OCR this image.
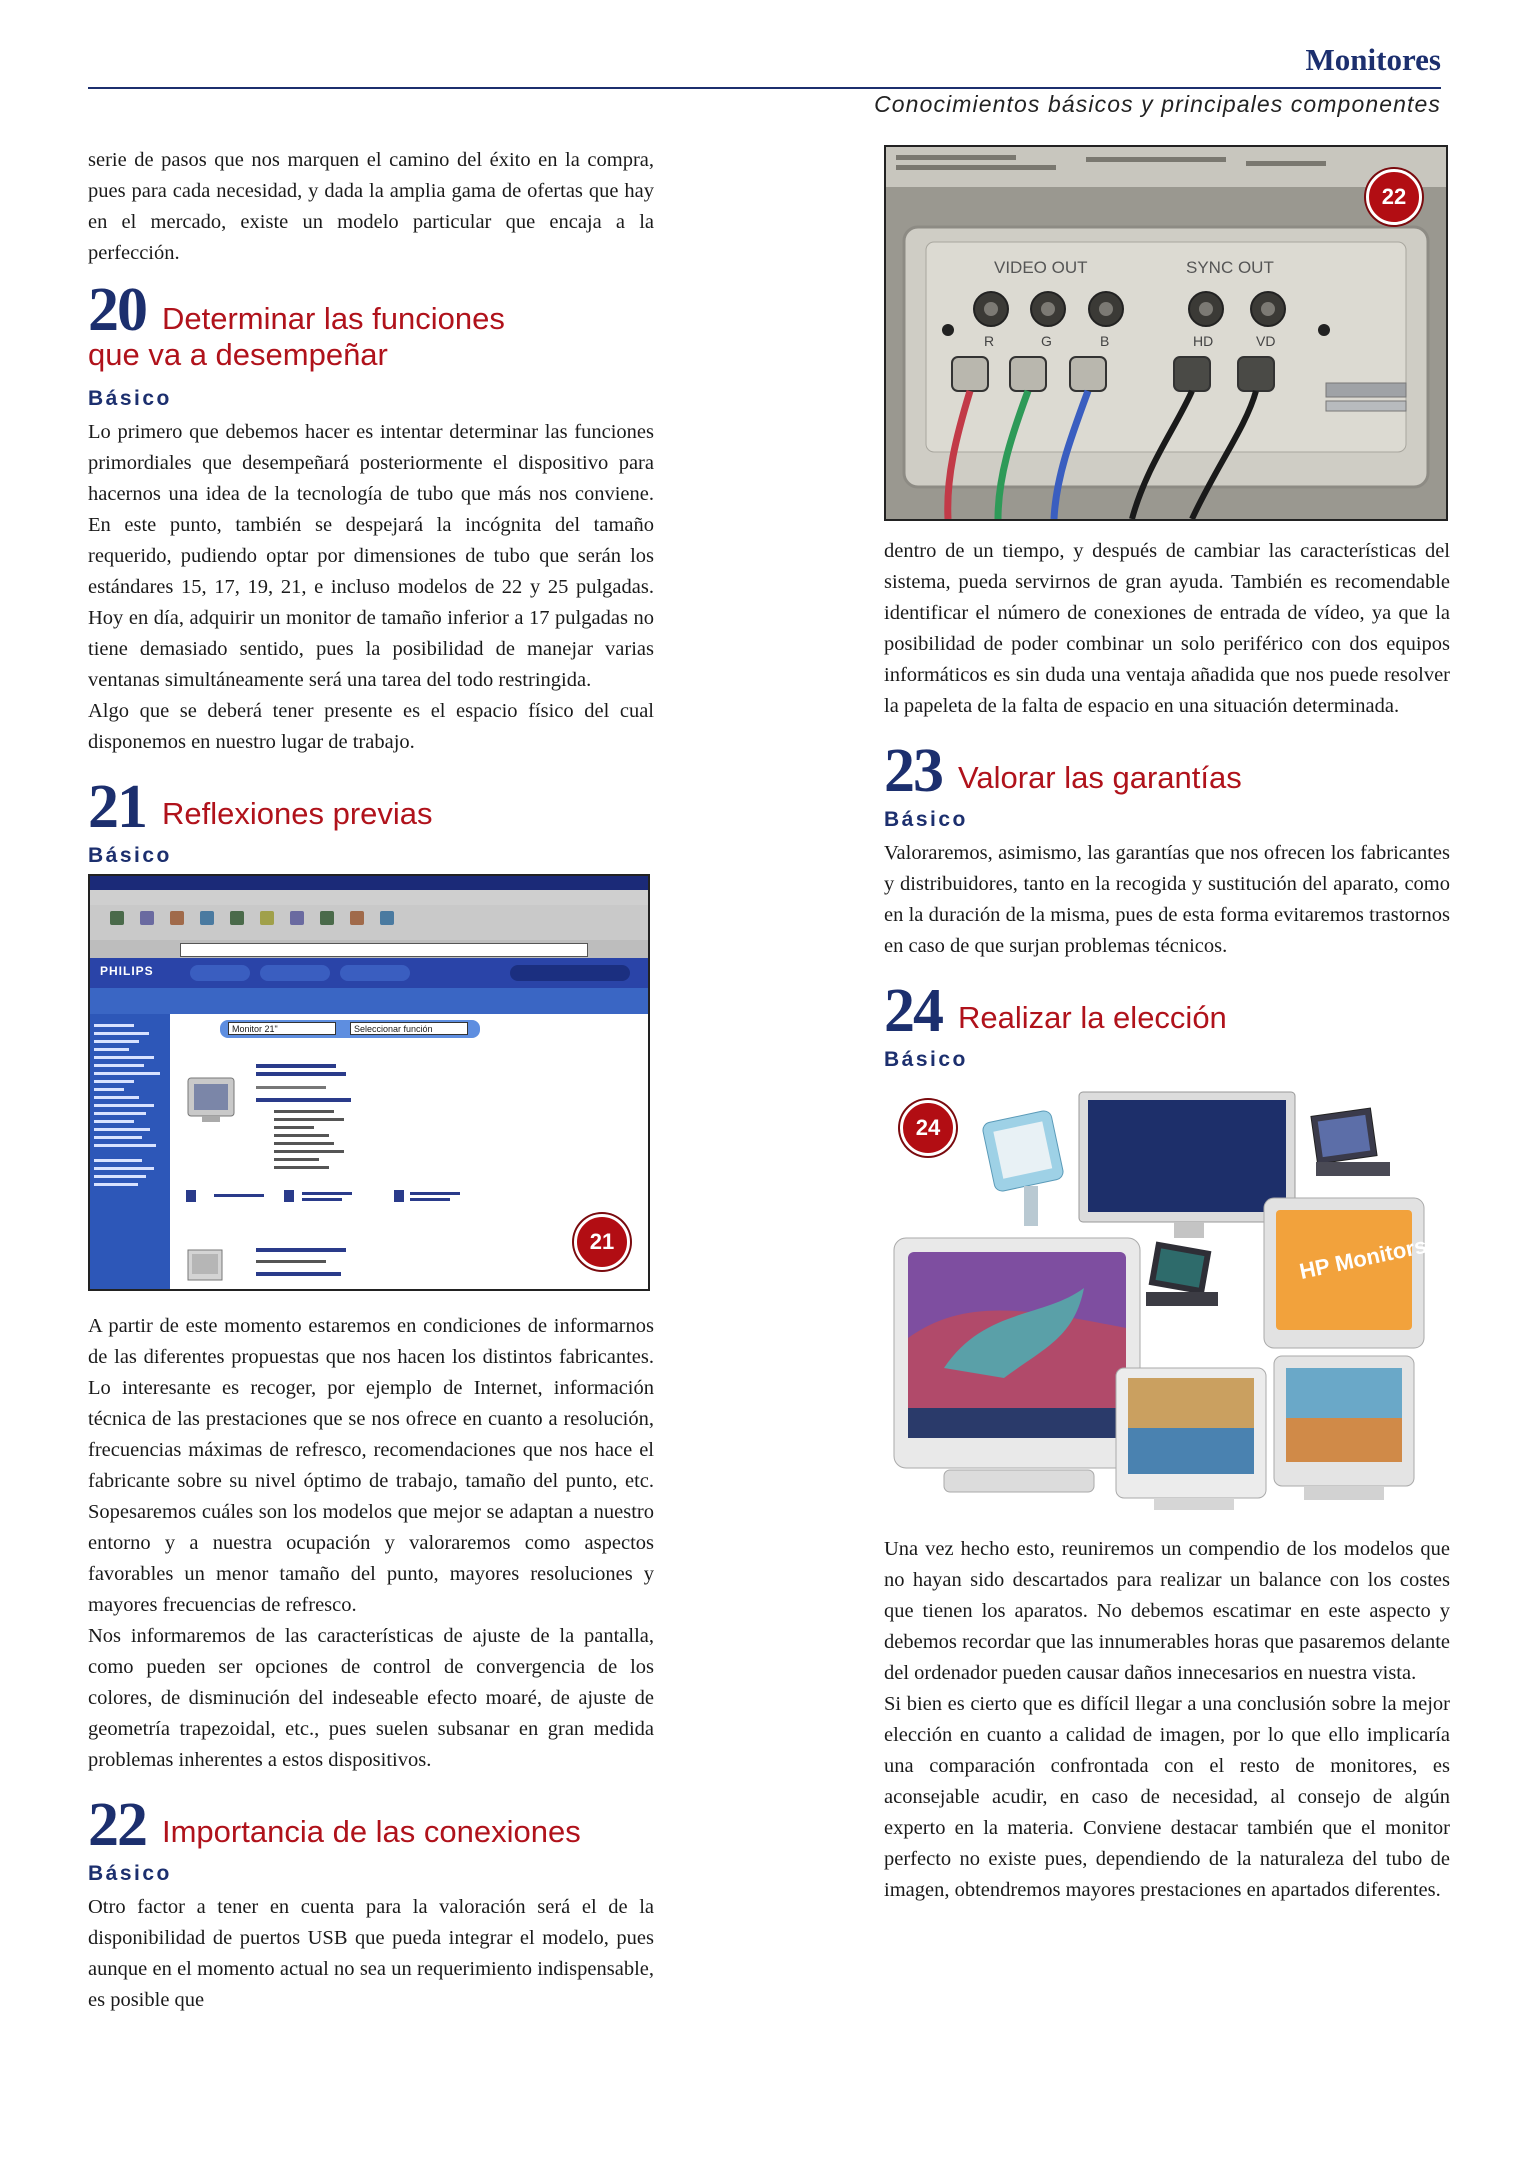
Monitores
Conocimientos básicos y principales componentes

serie de pasos que nos marquen el camino del éxito en la compra, pues para cada necesidad, y dada la amplia gama de ofertas que hay en el mercado, existe un modelo particular que encaja a la perfección.

20 Determinar las funciones
que va a desempeñar
Básico

Lo primero que debemos hacer es intentar determinar las funciones primordiales que desempeñará posteriormente el dispositivo para hacernos una idea de la tecnología de tubo que más nos conviene. En este punto, también se despejará la incógnita del tamaño requerido, pudiendo optar por dimensiones de tubo que serán los estándares 15, 17, 19, 21, e incluso modelos de 22 y 25 pulgadas. Hoy en día, adquirir un monitor de tamaño inferior a 17 pulgadas no tiene demasiado sentido, pues la posibilidad de manejar varias ventanas simultáneamente será una tarea del todo restringida.

Algo que se deberá tener presente es el espacio físico del cual disponemos en nuestro lugar de trabajo.

21 Reflexiones previas
Básico
PHILIPS
Monitor 21"	Seleccionar función
21

A partir de este momento estaremos en condiciones de informarnos de las diferentes propuestas que nos hacen los distintos fabricantes. Lo interesante es recoger, por ejemplo de Internet, información técnica de las prestaciones que se nos ofrece en cuanto a resolución, frecuencias máximas de refresco, recomendaciones que nos hace el fabricante sobre su nivel óptimo de trabajo, tamaño del punto, etc. Sopesaremos cuáles son los modelos que mejor se adaptan a nuestro entorno y a nuestra ocupación y valoraremos como aspectos favorables un menor tamaño del punto, mayores resoluciones y mayores frecuencias de refresco.

Nos informaremos de las características de ajuste de la pantalla, como pueden ser opciones de control de convergencia de los colores, de disminución del indeseable efecto moaré, de ajuste de geometría trapezoidal, etc., pues suelen subsanar en gran medida problemas inherentes a estos dispositivos.

22 Importancia de las conexiones
Básico

Otro factor a tener en cuenta para la valoración será el de la disponibilidad de puertos USB que pueda integrar el modelo, pues aunque en el momento actual no sea un requerimiento indispensable, es posible que

VIDEO OUT	SYNC OUT
R	G	B	HD	VD
22

dentro de un tiempo, y después de cambiar las características del sistema, pueda servirnos de gran ayuda. También es recomendable identificar el número de conexiones de entrada de vídeo, ya que la posibilidad de poder combinar un solo periférico con dos equipos informáticos es sin duda una ventaja añadida que nos puede resolver la papeleta de la falta de espacio en una situación determinada.

23 Valorar las garantías
Básico

Valoraremos, asimismo, las garantías que nos ofrecen los fabricantes y distribuidores, tanto en la recogida y sustitución del aparato, como en la duración de la misma, pues de esta forma evitaremos trastornos en caso de que surjan problemas técnicos.

24 Realizar la elección
Básico
HP Monitors
24

Una vez hecho esto, reuniremos un compendio de los modelos que no hayan sido descartados para realizar un balance con los costes que tienen los aparatos. No debemos escatimar en este aspecto y debemos recordar que las innumerables horas que pasaremos delante del ordenador pueden causar daños innecesarios en nuestra vista.

Si bien es cierto que es difícil llegar a una conclusión sobre la mejor elección en cuanto a calidad de imagen, por lo que ello implicaría una comparación confrontada con el resto de monitores, es aconsejable acudir, en caso de necesidad, al consejo de algún experto en la materia. Conviene destacar también que el monitor perfecto no existe pues, dependiendo de la naturaleza del tubo de imagen, obtendremos mayores prestaciones en apartados diferentes.
